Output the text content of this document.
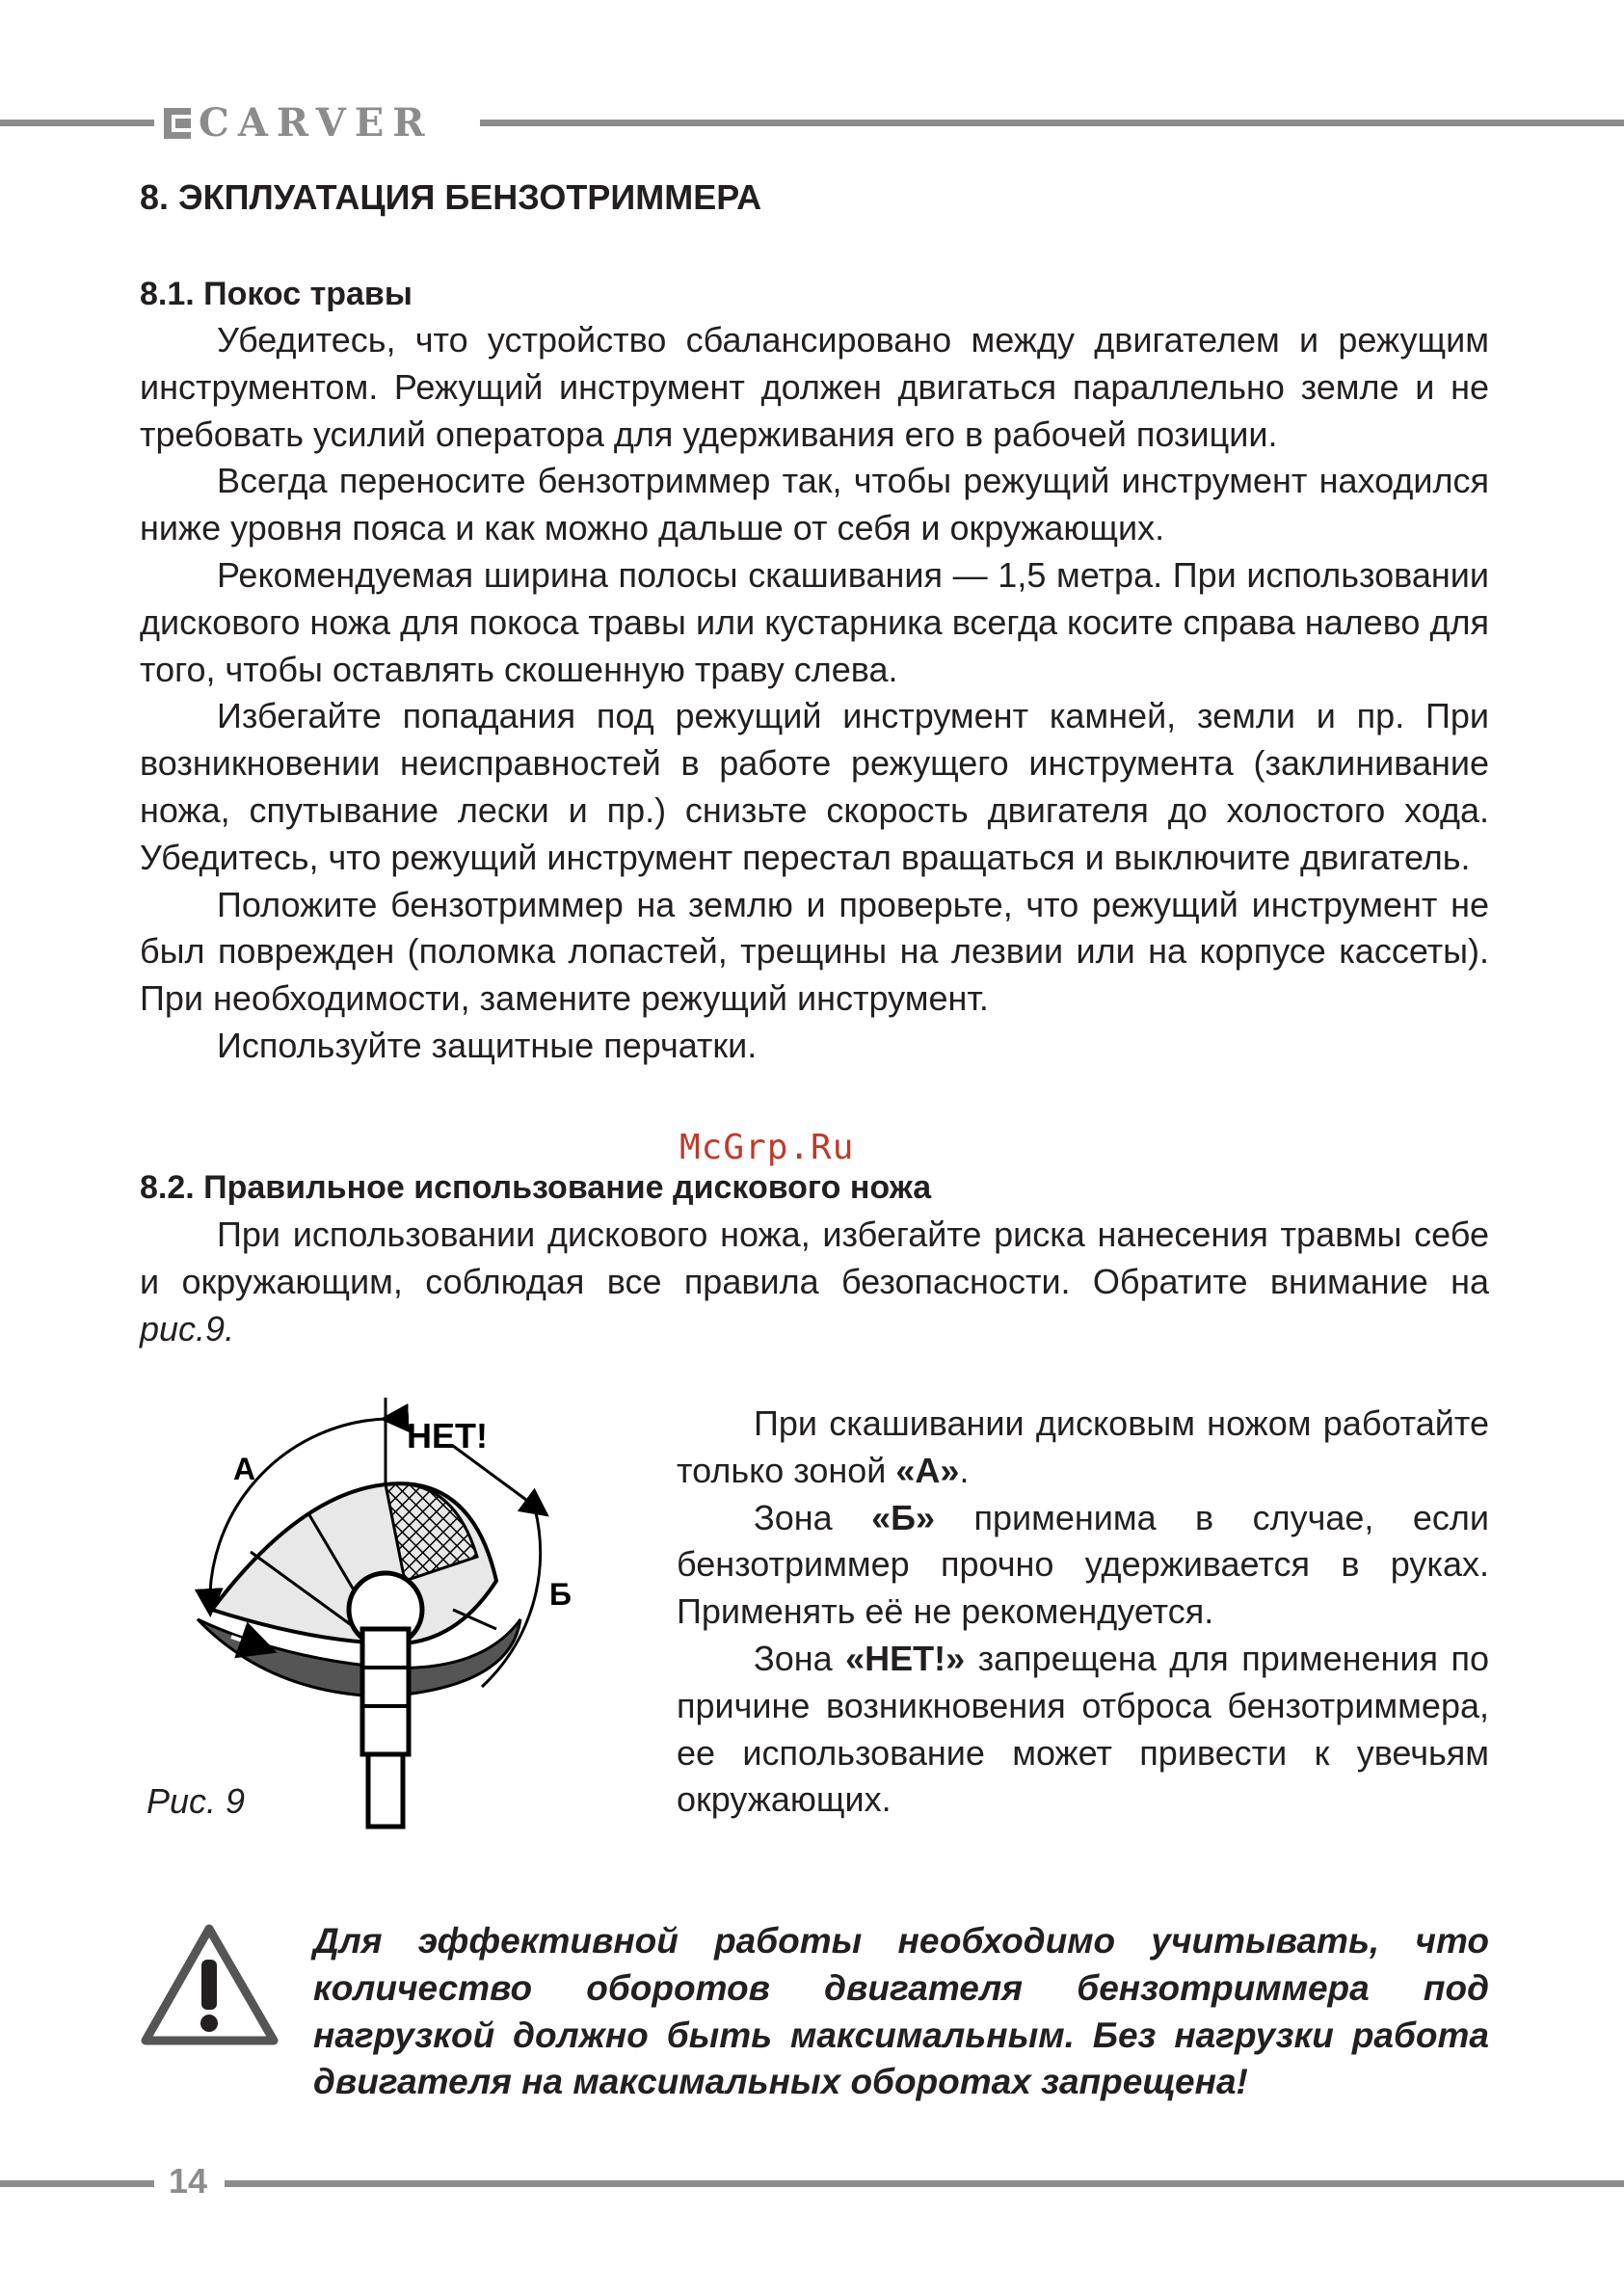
CARVER
8. ЭКПЛУАТАЦИЯ БЕНЗОТРИММЕРА
8.1. Покос травы

Убедитесь, что устройство сбалансировано между двигателем и режущим инструментом. Режущий инструмент должен двигаться параллельно земле и не требовать усилий оператора для удерживания его в рабочей позиции.

Всегда переносите бензотриммер так, чтобы режущий инструмент находился ниже уровня пояса и как можно дальше от себя и окружающих.

Рекомендуемая ширина полосы скашивания — 1,5 метра. При использовании дискового ножа для покоса травы или кустарника всегда косите справа налево для того, чтобы оставлять скошенную траву слева.

Избегайте попадания под режущий инструмент камней, земли и пр. При возникновении неисправностей в работе режущего инструмента (заклинивание ножа, спутывание лески и пр.) снизьте скорость двигателя до холостого хода. Убедитесь, что режущий инструмент перестал вращаться и выключите двигатель.

Положите бензотриммер на землю и проверьте, что режущий инструмент не был поврежден (поломка лопастей, трещины на лезвии или на корпусе кассеты). При необходимости, замените режущий инструмент.

Используйте защитные перчатки.

McGrp.Ru
8.2. Правильное использование дискового ножа

При использовании дискового ножа, избегайте риска нанесения травмы себе и окружающим, соблюдая все правила безопасности. Обратите внимание на рис.9.

А
Б
НЕТ!
Рис. 9

При скашивании дисковым ножом работайте только зоной «А».

Зона «Б» применима в случае, если бензотриммер прочно удерживается в руках. Применять её не рекомендуется.

Зона «НЕТ!» запрещена для применения по причине возникновения отброса бензотриммера, ее использование может привести к увечьям окружающих.

Для эффективной работы необходимо учитывать, что количество оборотов двигателя бензотриммера под нагрузкой должно быть максимальным. Без нагрузки работа двигателя на максимальных оборотах запрещена!
14
